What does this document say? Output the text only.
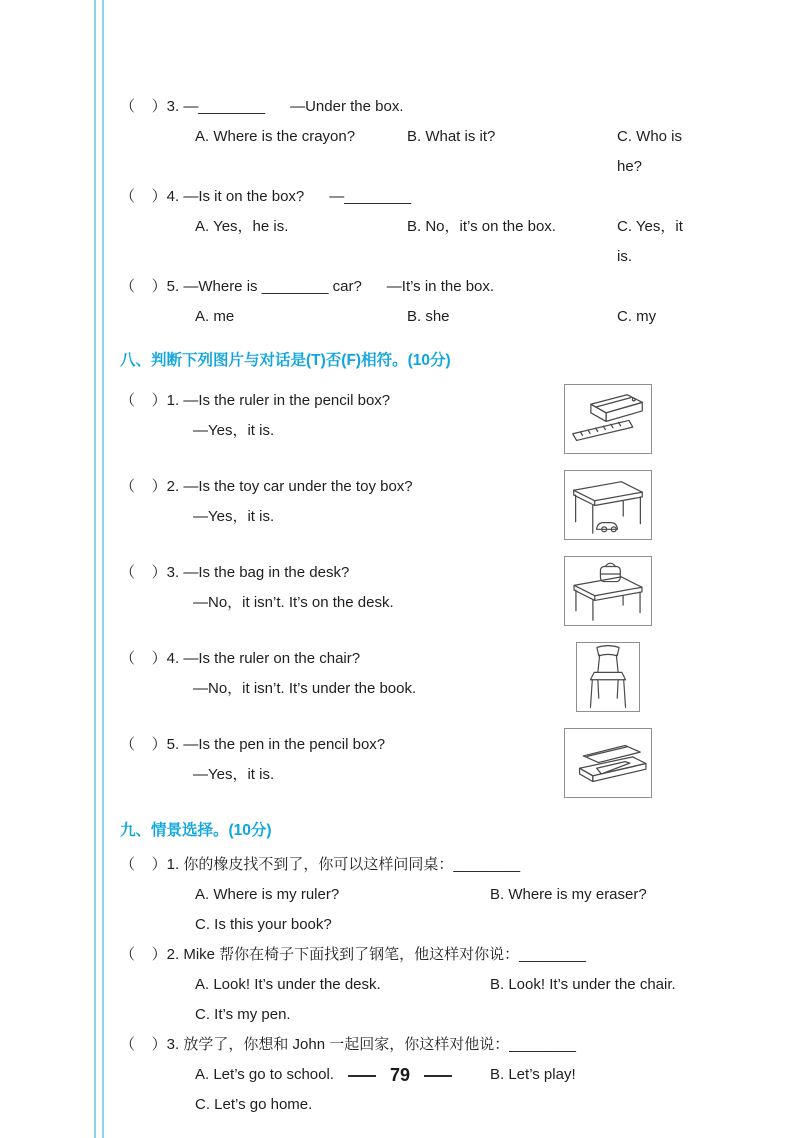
（    ）3. —________      —Under the box.
A. Where is the crayon?	B. What is it?	C. Who is he?
（    ）4. —Is it on the box?      —________
A. Yes，he is.	B. No，it’s on the box.	C. Yes，it is.
（    ）5. —Where is ________ car?      —It’s in the box.
A. me	B. she	C. my
八、判断下列图片与对话是(T)否(F)相符。(10分)
（    ）1. —Is the ruler in the pencil box?
—Yes，it is.
（    ）2. —Is the toy car under the toy box?
—Yes，it is.
（    ）3. —Is the bag in the desk?
—No，it isn’t. It’s on the desk.
（    ）4. —Is the ruler on the chair?
—No，it isn’t. It’s under the book.
（    ）5. —Is the pen in the pencil box?
—Yes，it is.
九、情景选择。(10分)
（    ）1. 你的橡皮找不到了，你可以这样问同桌：________
A. Where is my ruler?	B. Where is my eraser?
C. Is this your book?
（    ）2. Mike 帮你在椅子下面找到了钢笔，他这样对你说：________
A. Look! It’s under the desk.	B. Look! It’s under the chair.
C. It’s my pen.
（    ）3. 放学了，你想和 John 一起回家，你这样对他说：________
A. Let’s go to school.	B. Let’s play!
C. Let’s go home.
79
